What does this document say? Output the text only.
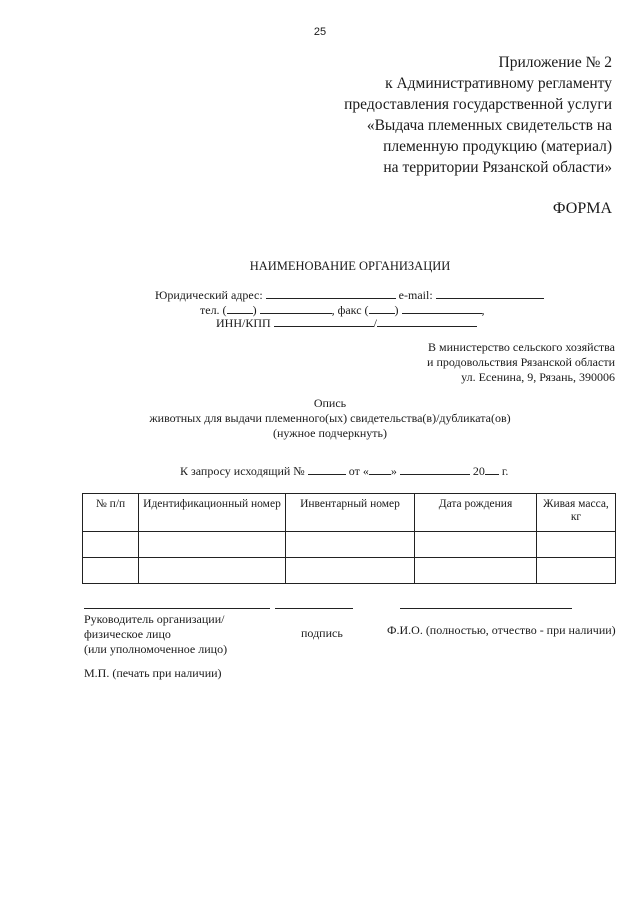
25
Приложение № 2
к Административному регламенту
предоставления государственной услуги
«Выдача племенных свидетельств на
племенную продукцию (материал)
на территории Рязанской области»
ФОРМА
НАИМЕНОВАНИЕ ОРГАНИЗАЦИИ
Юридический адрес:	e-mail:
тел. ( )	, факс ( )	,
ИНН/КПП	/
В министерство сельского хозяйства
и продовольствия Рязанской области
ул. Есенина, 9, Рязань, 390006
Опись
животных для выдачи племенного(ых) свидетельства(в)/дубликата(ов)
(нужное подчеркнуть)
К запросу исходящий №	от « »	20 г.
№ п/п	Идентификационный номер	Инвентарный номер	Дата рождения	Живая масса, кг

Руководитель организации/
физическое лицо
(или уполномоченное лицо)
подпись	Ф.И.О. (полностью, отчество - при наличии)
М.П. (печать при наличии)
